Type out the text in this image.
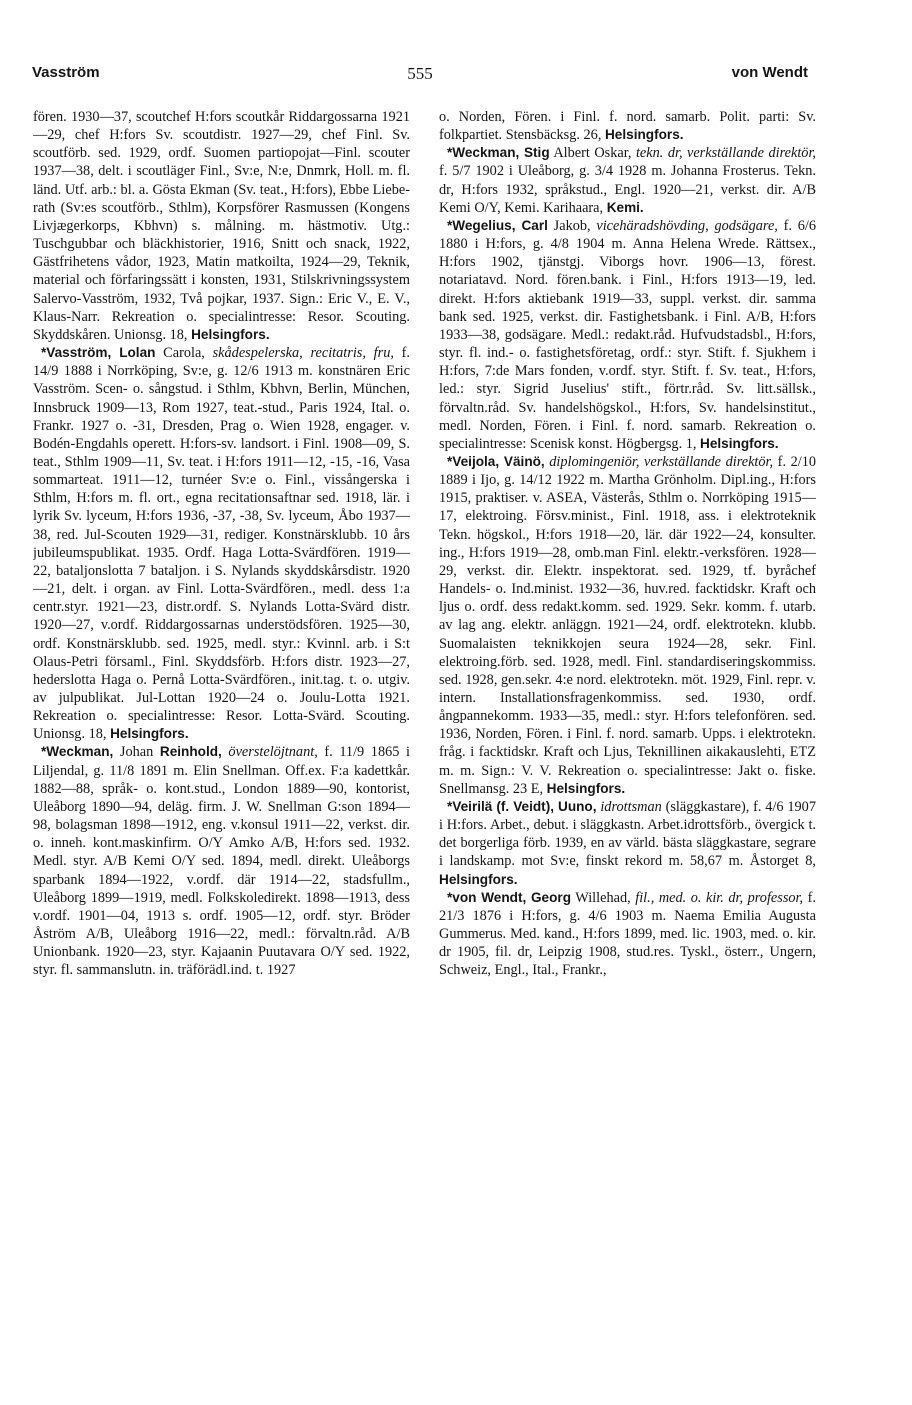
Vasström	555	von Wendt

fören. 1930—37, scoutchef H:fors scoutkår Riddargossarna 1921—29, chef H:fors Sv. scoutdistr. 1927—29, chef Finl. Sv. scoutförb. sed. 1929, ordf. Suomen partiopojat—Finl. scouter 1937—38, delt. i scoutläger Finl., Sv:e, N:e, Dnmrk, Holl. m. fl. länd. Utf. arb.: bl. a. Gösta Ekman (Sv. teat., H:fors), Ebbe Liebe-rath (Sv:es scoutförb., Sthlm), Korpsförer Rasmussen (Kongens Livjægerkorps, Kbhvn) s. målning. m. hästmotiv. Utg.: Tuschgubbar och bläckhistorier, 1916, Snitt och snack, 1922, Gästfrihetens vådor, 1923, Matin matkoilta, 1924—29, Teknik, material och förfaringssätt i konsten, 1931, Stilskrivningssystem Salervo-Vasström, 1932, Två pojkar, 1937. Sign.: Eric V., E. V., Klaus-Narr. Rekreation o. specialintresse: Resor. Scouting. Skyddskåren. Unionsg. 18, Helsingfors.

*Vasström, Lolan Carola, skådespelerska, recitatris, fru, f. 14/9 1888 i Norrköping, Sv:e, g. 12/6 1913 m. konstnären Eric Vasström. Scen- o. sångstud. i Sthlm, Kbhvn, Berlin, München, Innsbruck 1909—13, Rom 1927, teat.-stud., Paris 1924, Ital. o. Frankr. 1927 o. -31, Dresden, Prag o. Wien 1928, engager. v. Bodén-Engdahls operett. H:fors-sv. landsort. i Finl. 1908—09, S. teat., Sthlm 1909—11, Sv. teat. i H:fors 1911—12, -15, -16, Vasa sommarteat. 1911—12, turnéer Sv:e o. Finl., vissångerska i Sthlm, H:fors m. fl. ort., egna recitationsaftnar sed. 1918, lär. i lyrik Sv. lyceum, H:fors 1936, -37, -38, Sv. lyceum, Åbo 1937—38, red. Jul-Scouten 1929—31, rediger. Konstnärsklubb. 10 års jubileumspublikat. 1935. Ordf. Haga Lotta-Svärdfören. 1919—22, bataljonslotta 7 bataljon. i S. Nylands skyddskårsdistr. 1920—21, delt. i organ. av Finl. Lotta-Svärdfören., medl. dess 1:a centr.styr. 1921—23, distr.ordf. S. Nylands Lotta-Svärd distr. 1920—27, v.ordf. Riddargossarnas understödsfören. 1925—30, ordf. Konstnärsklubb. sed. 1925, medl. styr.: Kvinnl. arb. i S:t Olaus-Petri församl., Finl. Skyddsförb. H:fors distr. 1923—27, hederslotta Haga o. Pernå Lotta-Svärdfören., init.tag. t. o. utgiv. av julpublikat. Jul-Lottan 1920—24 o. Joulu-Lotta 1921. Rekreation o. specialintresse: Resor. Lotta-Svärd. Scouting. Unionsg. 18, Helsingfors.

*Weckman, Johan Reinhold, överstelöjtnant, f. 11/9 1865 i Liljendal, g. 11/8 1891 m. Elin Snellman. Off.ex. F:a kadettkår. 1882—88, språk- o. kont.stud., London 1889—90, kontorist, Uleåborg 1890—94, deläg. firm. J. W. Snellman G:son 1894—98, bolagsman 1898—1912, eng. v.konsul 1911—22, verkst. dir. o. inneh. kont.maskinfirm. O/Y Amko A/B, H:fors sed. 1932. Medl. styr. A/B Kemi O/Y sed. 1894, medl. direkt. Uleåborgs sparbank 1894—1922, v.ordf. där 1914—22, stadsfullm., Uleåborg 1899—1919, medl. Folkskoledirekt. 1898—1913, dess v.ordf. 1901—04, 1913 s. ordf. 1905—12, ordf. styr. Bröder Åström A/B, Uleåborg 1916—22, medl.: förvaltn.råd. A/B Unionbank. 1920—23, styr. Kajaanin Puutavara O/Y sed. 1922, styr. fl. sammanslutn. in. träförädl.ind. t. 1927

o. Norden, Fören. i Finl. f. nord. samarb. Polit. parti: Sv. folkpartiet. Stensbäcksg. 26, Helsingfors.

*Weckman, Stig Albert Oskar, tekn. dr, verkställande direktör, f. 5/7 1902 i Uleåborg, g. 3/4 1928 m. Johanna Frosterus. Tekn. dr, H:fors 1932, språkstud., Engl. 1920—21, verkst. dir. A/B Kemi O/Y, Kemi. Karihaara, Kemi.

*Wegelius, Carl Jakob, vicehäradshövding, godsägare, f. 6/6 1880 i H:fors, g. 4/8 1904 m. Anna Helena Wrede. Rättsex., H:fors 1902, tjänstgj. Viborgs hovr. 1906—13, förest. notariatavd. Nord. fören.bank. i Finl., H:fors 1913—19, led. direkt. H:fors aktiebank 1919—33, suppl. verkst. dir. samma bank sed. 1925, verkst. dir. Fastighetsbank. i Finl. A/B, H:fors 1933—38, godsägare. Medl.: redakt.råd. Hufvudstadsbl., H:fors, styr. fl. ind.- o. fastighetsföretag, ordf.: styr. Stift. f. Sjukhem i H:fors, 7:de Mars fonden, v.ordf. styr. Stift. f. Sv. teat., H:fors, led.: styr. Sigrid Juselius' stift., förtr.råd. Sv. litt.sällsk., förvaltn.råd. Sv. handelshögskol., H:fors, Sv. handelsinstitut., medl. Norden, Fören. i Finl. f. nord. samarb. Rekreation o. specialintresse: Scenisk konst. Högbergsg. 1, Helsingfors.

*Veijola, Väinö, diplomingeniör, verkställande direktör, f. 2/10 1889 i Ijo, g. 14/12 1922 m. Martha Grönholm. Dipl.ing., H:fors 1915, praktiser. v. ASEA, Västerås, Sthlm o. Norrköping 1915—17, elektroing. Försv.minist., Finl. 1918, ass. i elektroteknik Tekn. högskol., H:fors 1918—20, lär. där 1922—24, konsulter. ing., H:fors 1919—28, omb.man Finl. elektr.-verksfören. 1928—29, verkst. dir. Elektr. inspektorat. sed. 1929, tf. byråchef Handels- o. Ind.minist. 1932—36, huv.red. facktidskr. Kraft och ljus o. ordf. dess redakt.komm. sed. 1929. Sekr. komm. f. utarb. av lag ang. elektr. anläggn. 1921—24, ordf. elektrotekn. klubb. Suomalaisten teknikkojen seura 1924—28, sekr. Finl. elektroing.förb. sed. 1928, medl. Finl. standardiseringskommiss. sed. 1928, gen.sekr. 4:e nord. elektrotekn. möt. 1929, Finl. repr. v. intern. Installationsfragenkommiss. sed. 1930, ordf. ångpannekomm. 1933—35, medl.: styr. H:fors telefonfören. sed. 1936, Norden, Fören. i Finl. f. nord. samarb. Upps. i elektrotekn. fråg. i facktidskr. Kraft och Ljus, Teknillinen aikakauslehti, ETZ m. m. Sign.: V. V. Rekreation o. specialintresse: Jakt o. fiske. Snellmansg. 23 E, Helsingfors.

*Veirilä (f. Veidt), Uuno, idrottsman (släggkastare), f. 4/6 1907 i H:fors. Arbet., debut. i släggkastn. Arbet.idrottsförb., övergick t. det borgerliga förb. 1939, en av värld. bästa släggkastare, segrare i landskamp. mot Sv:e, finskt rekord m. 58,67 m. Åstorget 8, Helsingfors.

*von Wendt, Georg Willehad, fil., med. o. kir. dr, professor, f. 21/3 1876 i H:fors, g. 4/6 1903 m. Naema Emilia Augusta Gummerus. Med. kand., H:fors 1899, med. lic. 1903, med. o. kir. dr 1905, fil. dr, Leipzig 1908, stud.res. Tyskl., österr., Ungern, Schweiz, Engl., Ital., Frankr.,
